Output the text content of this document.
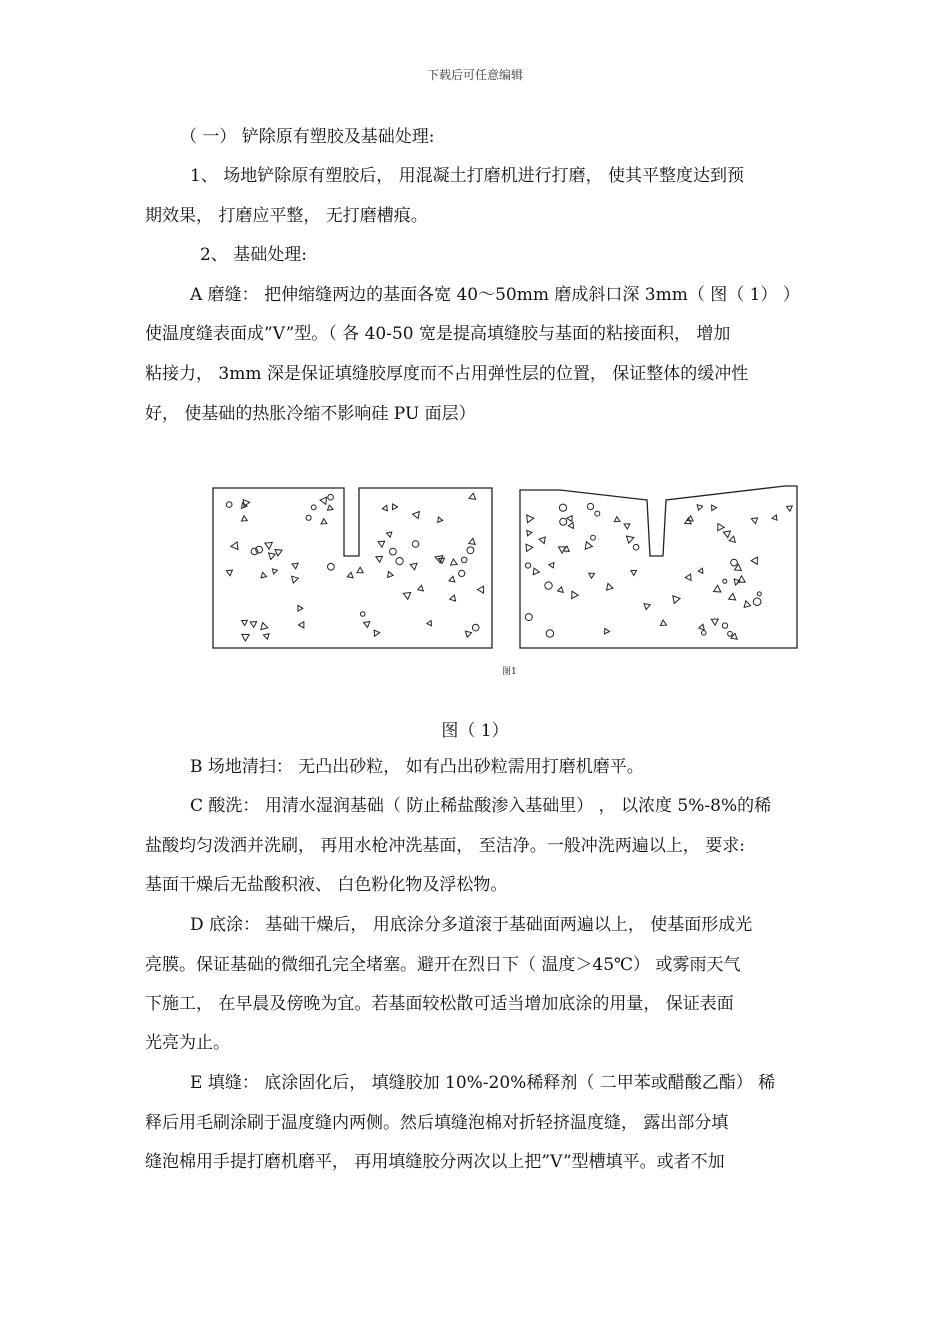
下载后可任意编辑
（ 一） 铲除原有塑胶及基础处理:
1、 场地铲除原有塑胶后， 用混凝土打磨机进行打磨， 使其平整度达到预
期效果， 打磨应平整， 无打磨槽痕。
2、 基础处理:
A 磨缝： 把伸缩缝两边的基面各宽 40～50mm 磨成斜口深 3mm（ 图（ 1） ）
使温度缝表面成”V”型。（ 各 40-50 宽是提高填缝胶与基面的粘接面积， 增加
粘接力， 3mm 深是保证填缝胶厚度而不占用弹性层的位置， 保证整体的缓冲性
好， 使基础的热胀冷缩不影响硅 PU 面层）
图1
图（ 1）
B 场地清扫： 无凸出砂粒， 如有凸出砂粒需用打磨机磨平。
C 酸洗： 用清水湿润基础（ 防止稀盐酸渗入基础里） ， 以浓度 5%-8%的稀
盐酸均匀泼洒并洗刷， 再用水枪冲洗基面， 至洁净。一般冲洗两遍以上， 要求:
基面干燥后无盐酸积液、 白色粉化物及浮松物。
D 底涂： 基础干燥后， 用底涂分多道滚于基础面两遍以上， 使基面形成光
亮膜。保证基础的微细孔完全堵塞。避开在烈日下（ 温度＞45℃） 或雾雨天气
下施工， 在早晨及傍晚为宜。若基面较松散可适当增加底涂的用量， 保证表面
光亮为止。
E 填缝： 底涂固化后， 填缝胶加 10%-20%稀释剂（ 二甲苯或醋酸乙酯） 稀
释后用毛刷涂刷于温度缝内两侧。然后填缝泡棉对折轻挤温度缝， 露出部分填
缝泡棉用手提打磨机磨平， 再用填缝胶分两次以上把”V”型槽填平。或者不加
